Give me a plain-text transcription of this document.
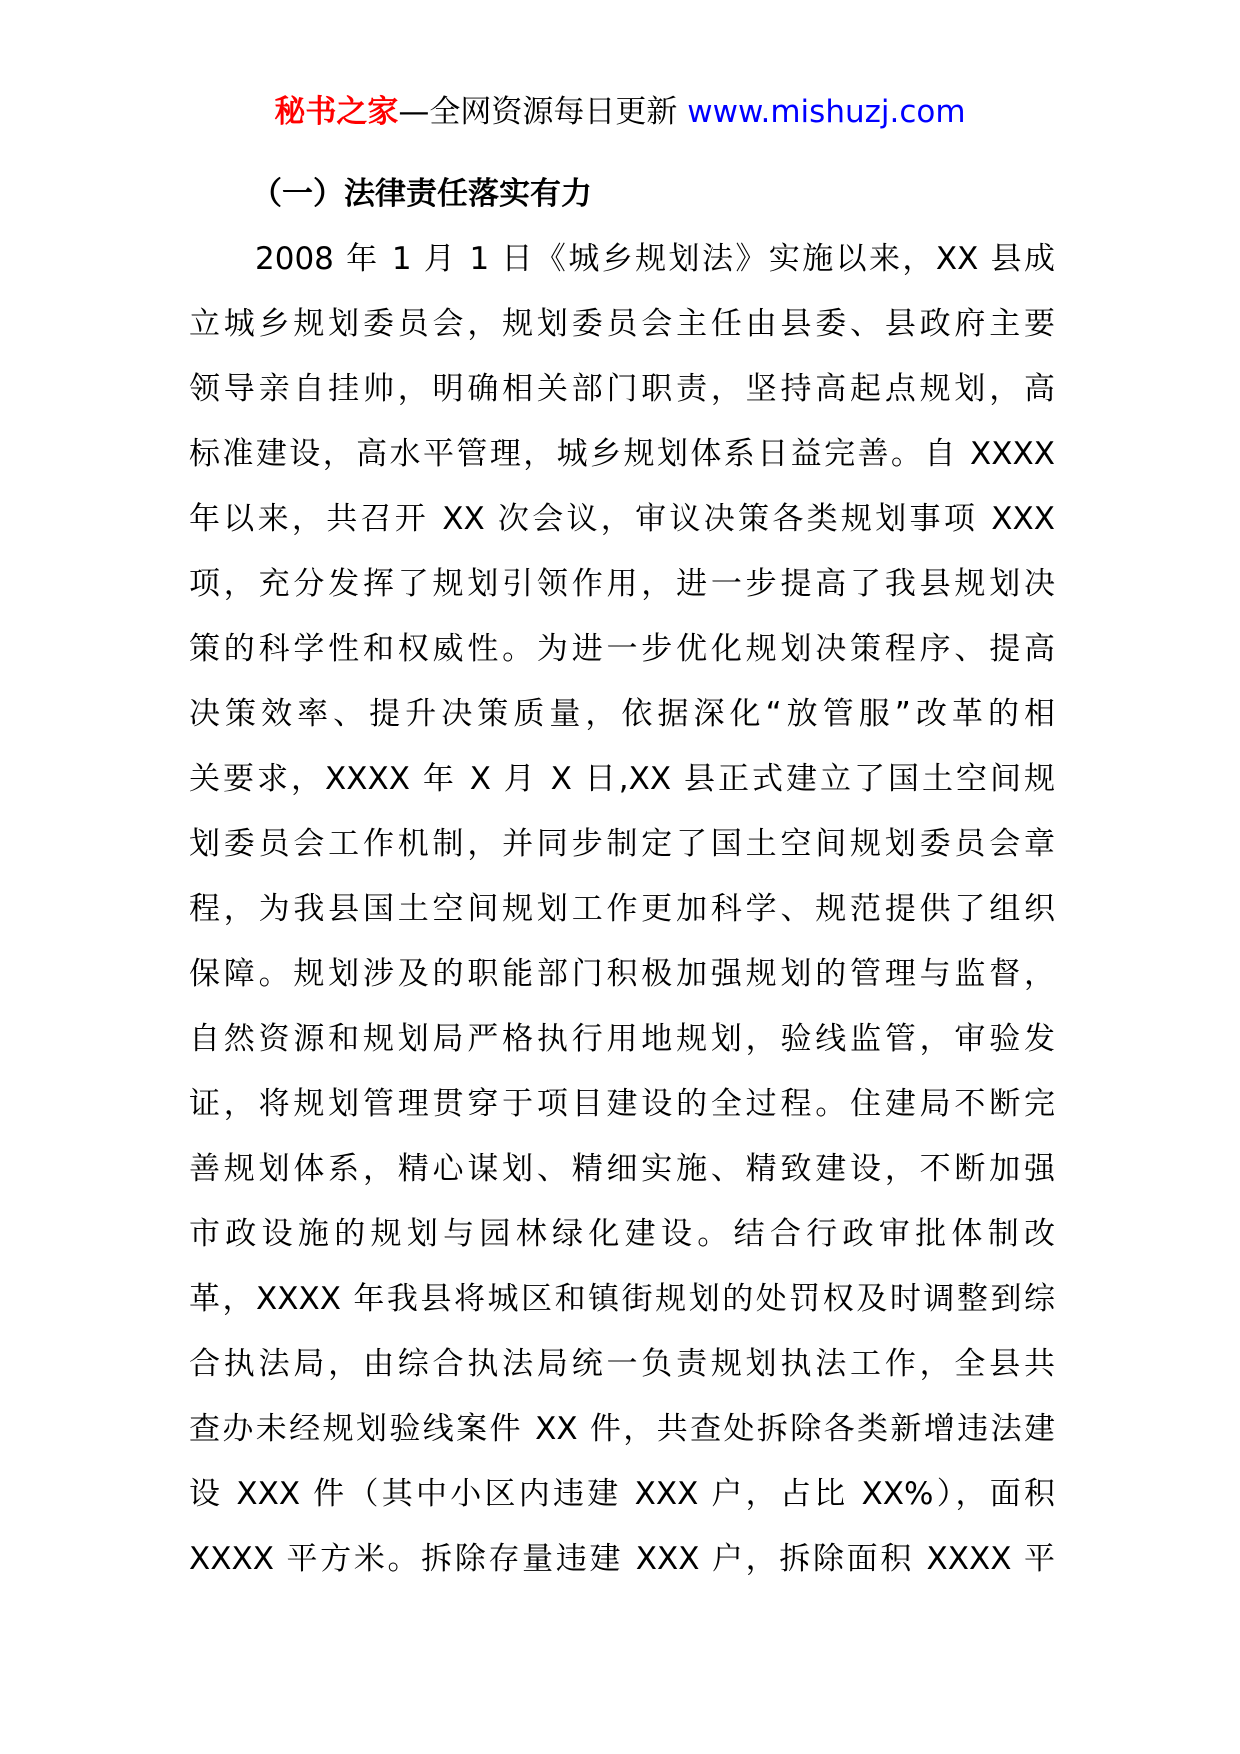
秘书之家—全网资源每日更新 www.mishuzj.com
（一）法律责任落实有力
2008 年 1 月 1 日《城乡规划法》实施以来，XX 县成
立城乡规划委员会，规划委员会主任由县委、县政府主要
领导亲自挂帅，明确相关部门职责，坚持高起点规划，高
标准建设，高水平管理，城乡规划体系日益完善。自 XXXX
年以来，共召开 XX 次会议，审议决策各类规划事项 XXX
项，充分发挥了规划引领作用，进一步提高了我县规划决
策的科学性和权威性。为进一步优化规划决策程序、提高
决策效率、提升决策质量，依据深化“放管服”改革的相
关要求，XXXX 年 X 月 X 日,XX 县正式建立了国土空间规
划委员会工作机制，并同步制定了国土空间规划委员会章
程，为我县国土空间规划工作更加科学、规范提供了组织
保障。规划涉及的职能部门积极加强规划的管理与监督，
自然资源和规划局严格执行用地规划，验线监管，审验发
证，将规划管理贯穿于项目建设的全过程。住建局不断完
善规划体系，精心谋划、精细实施、精致建设，不断加强
市政设施的规划与园林绿化建设。结合行政审批体制改
革，XXXX 年我县将城区和镇街规划的处罚权及时调整到综
合执法局，由综合执法局统一负责规划执法工作，全县共
查办未经规划验线案件 XX 件，共查处拆除各类新增违法建
设 XXX 件（其中小区内违建 XXX 户，占比 XX%），面积
XXXX 平方米。拆除存量违建 XXX 户，拆除面积 XXXX 平
